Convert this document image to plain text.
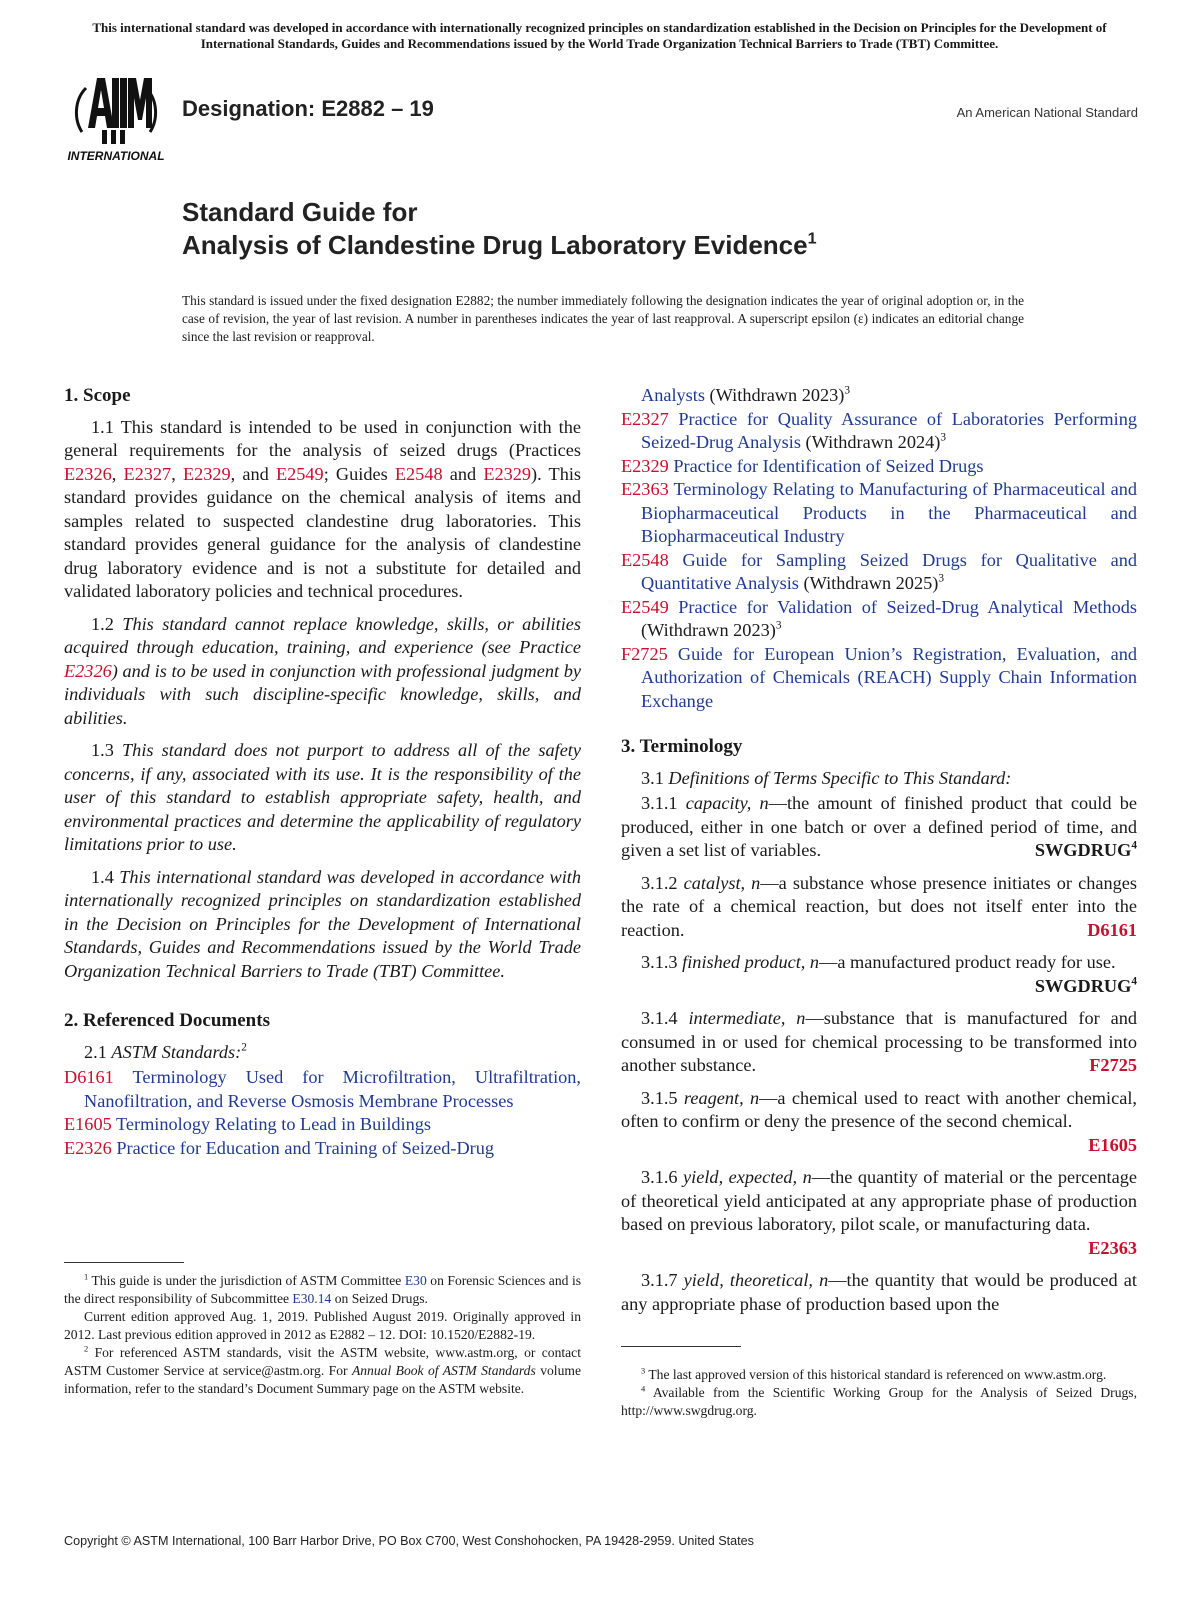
This international standard was developed in accordance with internationally recognized principles on standardization established in the Decision on Principles for the Development of International Standards, Guides and Recommendations issued by the World Trade Organization Technical Barriers to Trade (TBT) Committee.
INTERNATIONAL
Designation: E2882 – 19	An American National Standard
Standard Guide for
Analysis of Clandestine Drug Laboratory Evidence$^1$
This standard is issued under the fixed designation E2882; the number immediately following the designation indicates the year of original adoption or, in the case of revision, the year of last revision. A number in parentheses indicates the year of last reapproval. A superscript epsilon (ε) indicates an editorial change since the last revision or reapproval.
1. Scope

1.1 This standard is intended to be used in conjunction with the general requirements for the analysis of seized drugs (Practices E2326, E2327, E2329, and E2549; Guides E2548 and E2329). This standard provides guidance on the chemical analysis of items and samples related to suspected clandestine drug laboratories. This standard provides general guidance for the analysis of clandestine drug laboratory evidence and is not a substitute for detailed and validated laboratory policies and technical procedures.

1.2 This standard cannot replace knowledge, skills, or abilities acquired through education, training, and experience (see Practice E2326) and is to be used in conjunction with professional judgment by individuals with such discipline-specific knowledge, skills, and abilities.

1.3 This standard does not purport to address all of the safety concerns, if any, associated with its use. It is the responsibility of the user of this standard to establish appropriate safety, health, and environmental practices and determine the applicability of regulatory limitations prior to use.

1.4 This international standard was developed in accordance with internationally recognized principles on standardization established in the Decision on Principles for the Development of International Standards, Guides and Recommendations issued by the World Trade Organization Technical Barriers to Trade (TBT) Committee.

2. Referenced Documents

2.1 ASTM Standards:$^2$

D6161 Terminology Used for Microfiltration, Ultrafiltration, Nanofiltration, and Reverse Osmosis Membrane Processes

E1605 Terminology Relating to Lead in Buildings

E2326 Practice for Education and Training of Seized-Drug

Analysts (Withdrawn 2023)$^3$

E2327 Practice for Quality Assurance of Laboratories Performing Seized-Drug Analysis (Withdrawn 2024)$^3$

E2329 Practice for Identification of Seized Drugs

E2363 Terminology Relating to Manufacturing of Pharmaceutical and Biopharmaceutical Products in the Pharmaceutical and Biopharmaceutical Industry

E2548 Guide for Sampling Seized Drugs for Qualitative and Quantitative Analysis (Withdrawn 2025)$^3$

E2549 Practice for Validation of Seized-Drug Analytical Methods (Withdrawn 2023)$^3$

F2725 Guide for European Union’s Registration, Evaluation, and Authorization of Chemicals (REACH) Supply Chain Information Exchange

3. Terminology

3.1 Definitions of Terms Specific to This Standard:

3.1.1 capacity, n—the amount of finished product that could be produced, either in one batch or over a defined period of time, and given a set list of variables.	SWGDRUG$^4$

3.1.2 catalyst, n—a substance whose presence initiates or changes the rate of a chemical reaction, but does not itself enter into the reaction.	D6161

3.1.3 finished product, n—a manufactured product ready for use.
SWGDRUG$^4$

3.1.4 intermediate, n—substance that is manufactured for and consumed in or used for chemical processing to be transformed into another substance.	F2725

3.1.5 reagent, n—a chemical used to react with another chemical, often to confirm or deny the presence of the second chemical.
E1605

3.1.6 yield, expected, n—the quantity of material or the percentage of theoretical yield anticipated at any appropriate phase of production based on previous laboratory, pilot scale, or manufacturing data.
E2363

3.1.7 yield, theoretical, n—the quantity that would be produced at any appropriate phase of production based upon the

$^1$ This guide is under the jurisdiction of ASTM Committee E30 on Forensic Sciences and is the direct responsibility of Subcommittee E30.14 on Seized Drugs.

Current edition approved Aug. 1, 2019. Published August 2019. Originally approved in 2012. Last previous edition approved in 2012 as E2882 – 12. DOI: 10.1520/E2882-19.

$^2$ For referenced ASTM standards, visit the ASTM website, www.astm.org, or contact ASTM Customer Service at service@astm.org. For Annual Book of ASTM Standards volume information, refer to the standard’s Document Summary page on the ASTM website.

$^3$ The last approved version of this historical standard is referenced on www.astm.org.

$^4$ Available from the Scientific Working Group for the Analysis of Seized Drugs, http://www.swgdrug.org.

Copyright © ASTM International, 100 Barr Harbor Drive, PO Box C700, West Conshohocken, PA 19428-2959. United States
